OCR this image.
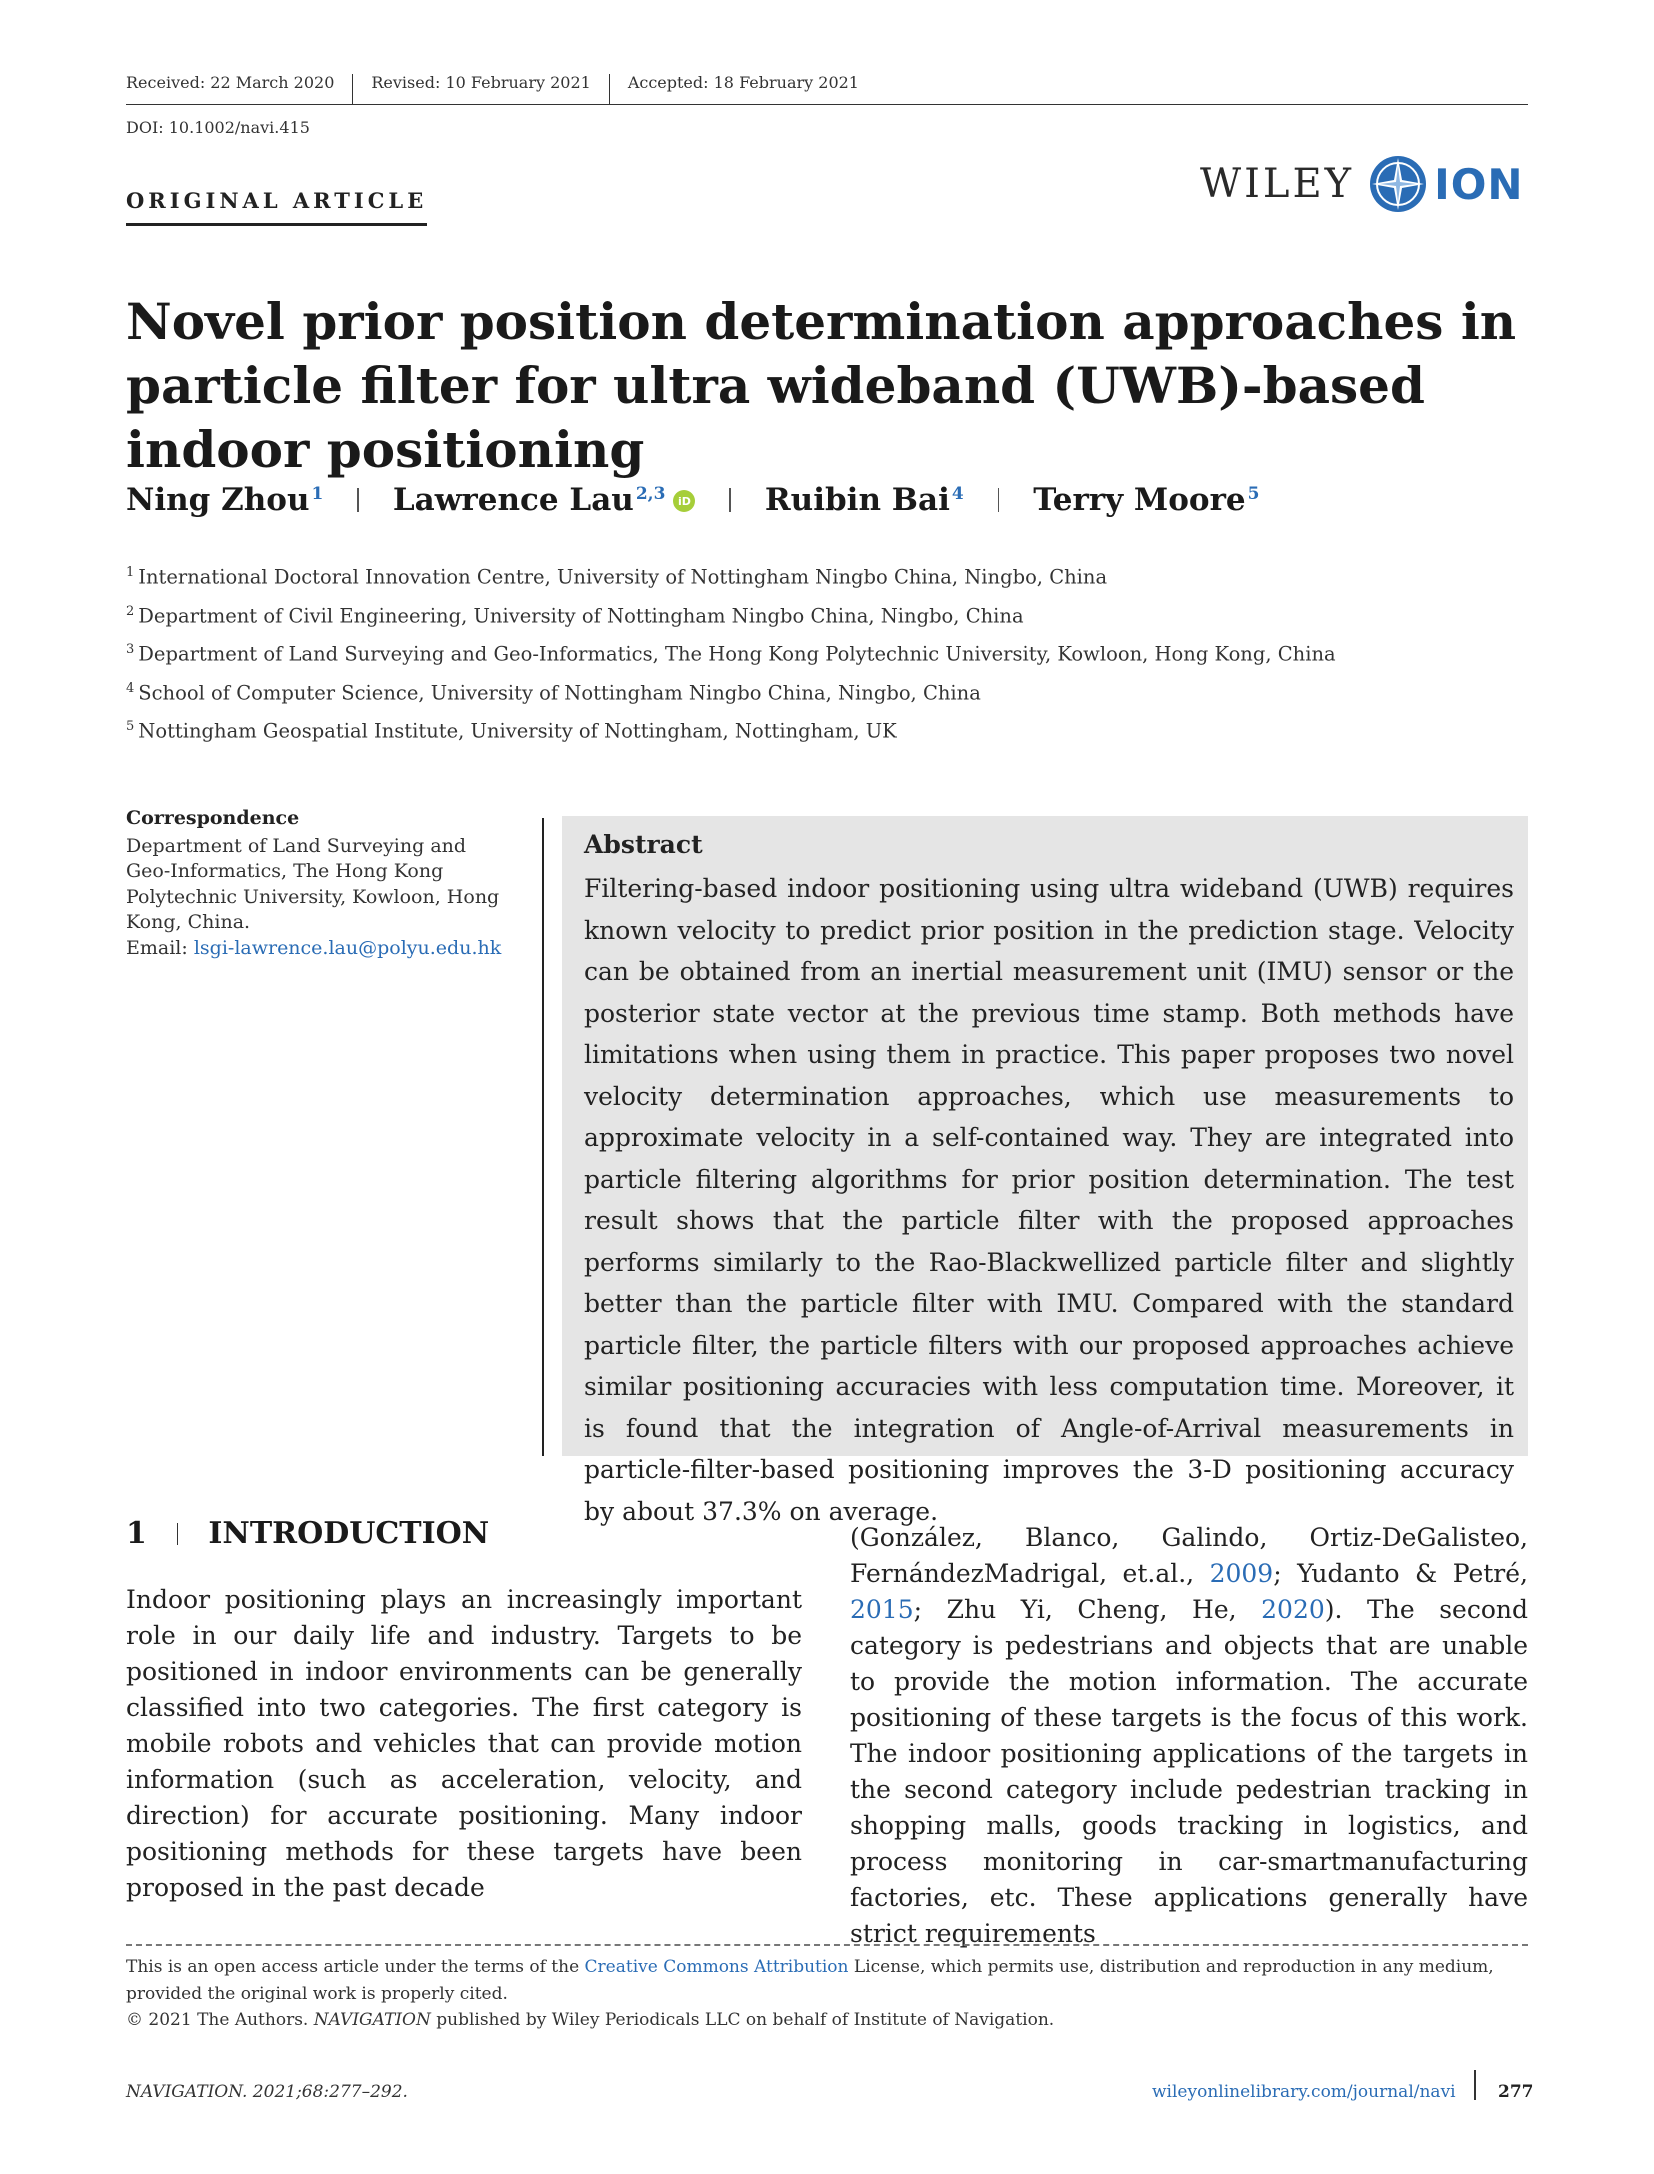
Received: 22 March 2020	Revised: 10 February 2021	Accepted: 18 February 2021
DOI: 10.1002/navi.415
ORIGINAL ARTICLE	WILEY ION
Novel prior position determination approaches in particle filter for ultra wideband (UWB)-based indoor positioning
Ning Zhou$^1$ Lawrence Lau$^{2,3}$	iD Ruibin Bai$^4$ Terry Moore$^5$
$^1$ International Doctoral Innovation Centre, University of Nottingham Ningbo China, Ningbo, China
$^2$ Department of Civil Engineering, University of Nottingham Ningbo China, Ningbo, China
$^3$ Department of Land Surveying and Geo-Informatics, The Hong Kong Polytechnic University, Kowloon, Hong Kong, China
$^4$ School of Computer Science, University of Nottingham Ningbo China, Ningbo, China
$^5$ Nottingham Geospatial Institute, University of Nottingham, Nottingham, UK
Correspondence
Department of Land Surveying and Geo-Informatics, The Hong Kong Polytechnic University, Kowloon, Hong Kong, China.
Email: lsgi-lawrence.lau@polyu.edu.hk
Abstract

Filtering-based indoor positioning using ultra wideband (UWB) requires known velocity to predict prior position in the prediction stage. Velocity can be obtained from an inertial measurement unit (IMU) sensor or the posterior state vector at the previous time stamp. Both methods have limitations when using them in practice. This paper proposes two novel velocity determination approaches, which use measurements to approximate velocity in a self-contained way. They are integrated into particle filtering algorithms for prior position determination. The test result shows that the particle filter with the proposed approaches performs similarly to the Rao-Blackwellized particle filter and slightly better than the particle filter with IMU. Compared with the standard particle filter, the particle filters with our proposed approaches achieve similar positioning accuracies with less computation time. Moreover, it is found that the integration of Angle-of-Arrival measurements in particle-filter-based positioning improves the 3-D positioning accuracy by about 37.3% on average.

1 INTRODUCTION

Indoor positioning plays an increasingly important role in our daily life and industry. Targets to be positioned in indoor environments can be generally classified into two categories. The first category is mobile robots and vehicles that can provide motion information (such as acceleration, velocity, and direction) for accurate positioning. Many indoor positioning methods for these targets have been proposed in the past decade

(González, Blanco, Galindo, Ortiz-DeGalisteo, FernándezMadrigal, et.al., 2009; Yudanto & Petré, 2015; Zhu Yi, Cheng, He, 2020). The second category is pedestrians and objects that are unable to provide the motion information. The accurate positioning of these targets is the focus of this work. The indoor positioning applications of the targets in the second category include pedestrian tracking in shopping malls, goods tracking in logistics, and process monitoring in car-smartmanufacturing factories, etc. These applications generally have strict requirements

This is an open access article under the terms of the Creative Commons Attribution License, which permits use, distribution and reproduction in any medium, provided the original work is properly cited.

© 2021 The Authors. NAVIGATION published by Wiley Periodicals LLC on behalf of Institute of Navigation.
NAVIGATION. 2021;68:277–292.	wileyonlinelibrary.com/journal/navi 277
